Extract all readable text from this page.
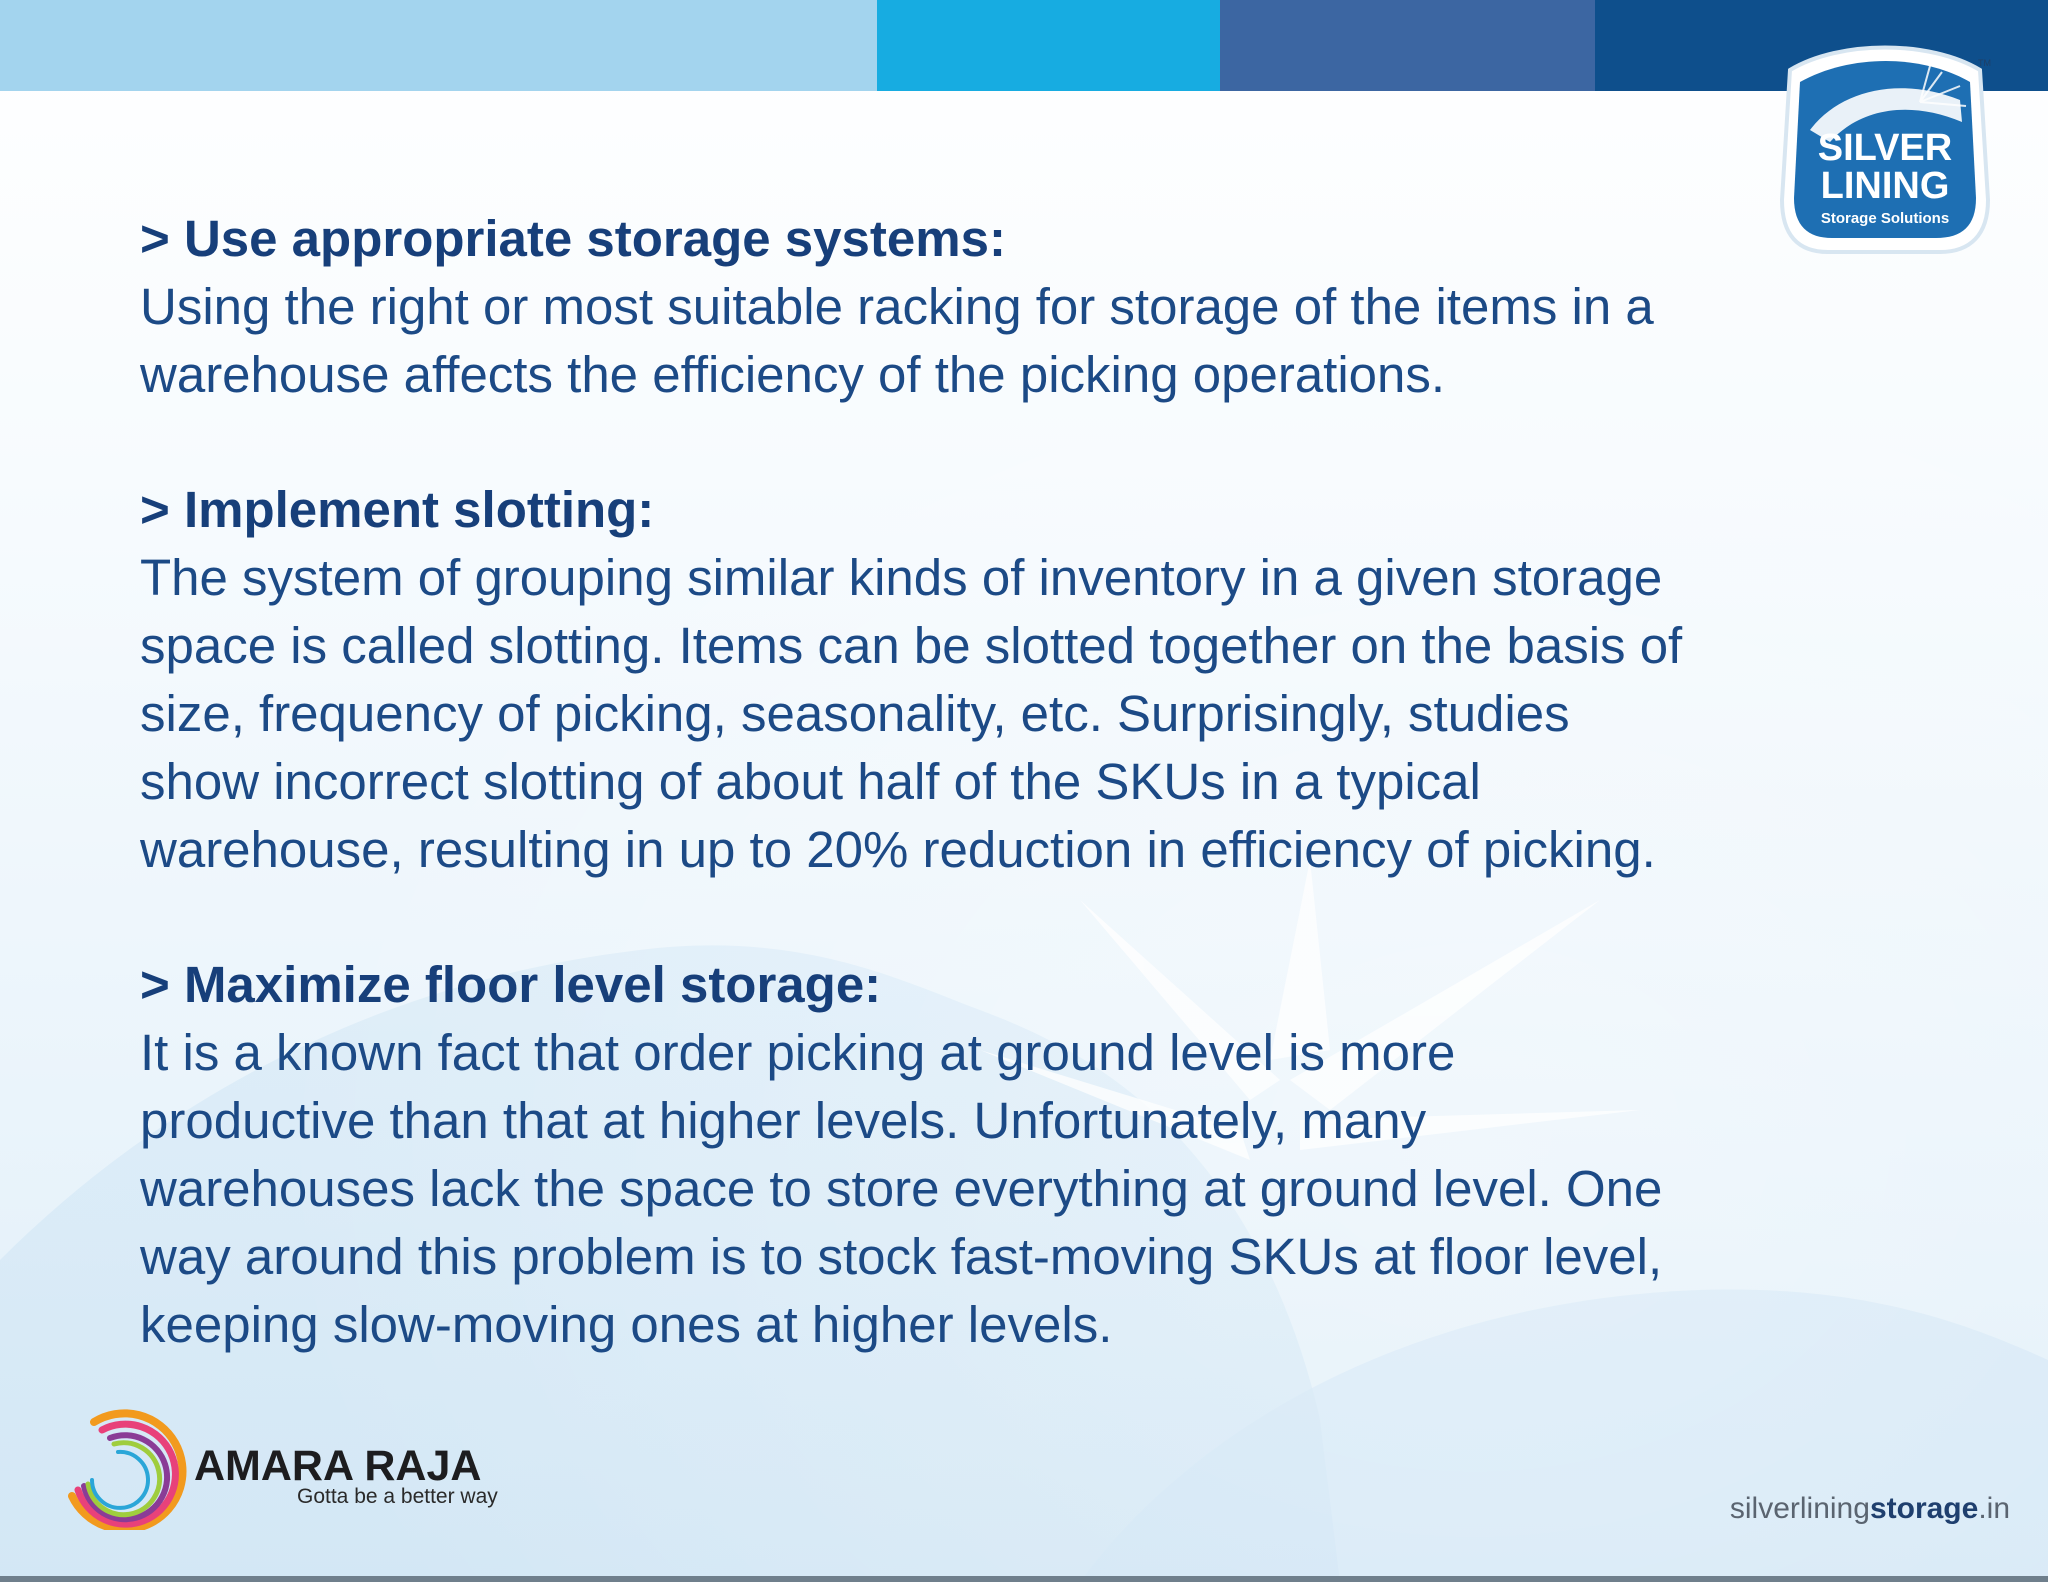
TM
SILVER
LINING
Storage Solutions
> Use appropriate storage systems:
Using the right or most suitable racking for storage of the items in a
warehouse affects the efficiency of the picking operations.
> Implement slotting:
The system of grouping similar kinds of inventory in a given storage
space is called slotting. Items can be slotted together on the basis of
size, frequency of picking, seasonality, etc. Surprisingly, studies
show incorrect slotting of about half of the SKUs in a typical
warehouse, resulting in up to 20% reduction in efficiency of picking.
> Maximize floor level storage:
It is a known fact that order picking at ground level is more
productive than that at higher levels. Unfortunately, many
warehouses lack the space to store everything at ground level. One
way around this problem is to stock fast-moving SKUs at floor level,
keeping slow-moving ones at higher levels.
AMARA RAJA
Gotta be a better way	silverliningstorage.in
